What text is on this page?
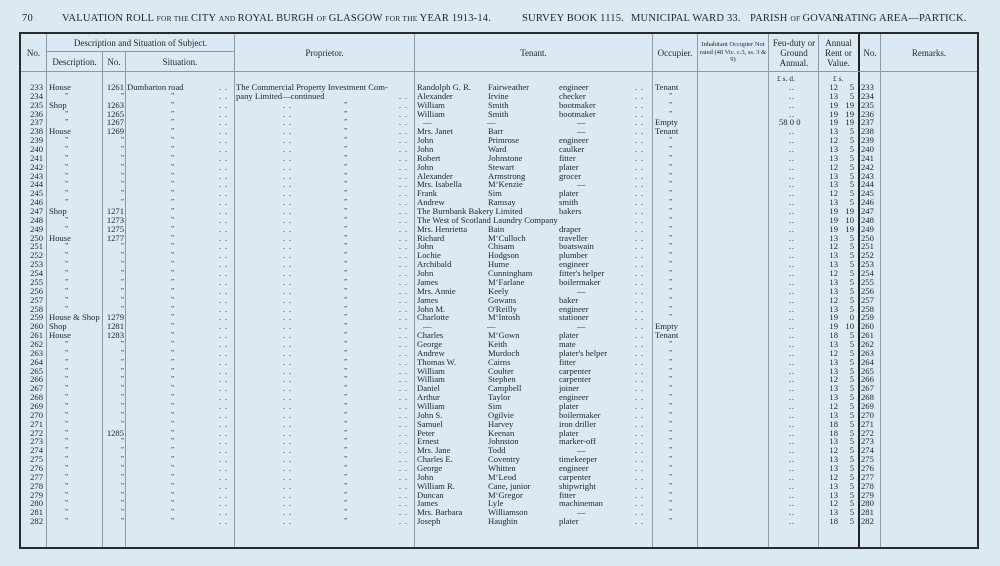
70	VALUATION ROLL FOR THE CITY AND ROYAL BURGH OF GLASGOW FOR THE YEAR 1913-14.	SURVEY BOOK 1115. MUNICIPAL WARD 33. PARISH OF GOVAN.
RATING AREA—PARTICK.
No.
Description and Situation of Subject.
Description.	No.	Situation.
Proprietor.	Tenant.	Occupier.
Inhabitant Occupier Not rated (48 Vic. c.3, ss. 3 & 9)
Feu-duty or Ground Annual.
Annual Rent or Value.
No.	Remarks.
£ s. d.	£ s.
233 House	1261 Dumbarton road	. . The Commercial Property Investment Com-	Randolph G. R.	Fairweather	engineer	. .	Tenant	..	12	5 233
234	”	”	”	. . pany Limited—continued	. .	Alexander	Irvine	checker	. .	”	..	13	5 234
235 Shop	1263	”	. .	. .	”	. .	William	Smith	bootmaker	. .	”	..	19 19 235
236	”	1265	”	. .	. .	”	. .	William	Smith	bootmaker	. .	”	..	19 19 236
237	”	1267	”	. .	. .	”	. .	—	—	—	. .	Empty	58 0 0	19 19 237
238 House	1269	”	. .	. .	”	. .	Mrs. Janet	Barr	—	. .	Tenant	..	13	5 238
239	”	”	”	. .	. .	”	. .	John	Primrose	engineer	. .	”	..	12	5 239
240	”	”	”	. .	. .	”	. .	John	Ward	caulker	. .	”	..	13	5 240
241	”	”	”	. .	. .	”	. .	Robert	Johnstone	fitter	. .	”	..	13	5 241
242	”	”	”	. .	. .	”	. .	John	Stewart	plater	. .	”	..	12	5 242
243	”	”	”	. .	. .	”	. .	Alexander	Armstrong	grocer	. .	”	..	13	5 243
244	”	”	”	. .	. .	”	. .	Mrs. Isabella	M‘Kenzie	—	. .	”	..	13	5 244
245	”	”	”	. .	. .	”	. .	Frank	Sim	plater	. .	”	..	12	5 245
246	”	”	”	. .	. .	”	. .	Andrew	Ramsay	smith	. .	”	..	13	5 246
247 Shop	1271	”	. .	. .	”	. .	The Burnbank Bakery Limited	bakers	. .	”	..	19 19 247
248	”	1273	”	. .	. .	”	. .	The West of Scotland Laundry Company	. .	”	..	19 10 248
249	”	1275	”	. .	. .	”	. .	Mrs. Henrietta	Bain	draper	. .	”	..	19 19 249
250 House	1277	”	. .	. .	”	. .	Richard	M‘Culloch	traveller	. .	”	..	13	5 250
251	”	”	”	. .	. .	”	. .	John	Chisam	boatswain	. .	”	..	12	5 251
252	”	”	”	. .	. .	”	. .	Lochie	Hodgson	plumber	. .	”	..	13	5 252
253	”	”	”	. .	. .	”	. .	Archibald	Hume	engineer	. .	”	..	13	5 253
254	”	”	”	. .	. .	”	. .	John	Cunningham	fitter's helper	. .	”	..	12	5 254
255	”	”	”	. .	. .	”	. .	James	M‘Farlane	boilermaker	. .	”	..	13	5 255
256	”	”	”	. .	. .	”	. .	Mrs. Annie	Keely	—	. .	”	..	13	5 256
257	”	”	”	. .	. .	”	. .	James	Gowans	baker	. .	”	..	12	5 257
258	”	”	”	. .	. .	”	. .	John M.	O'Reilly	engineer	. .	”	..	13	5 258
259 House & Shop 1279	”	. .	. .	”	. .	Charlotte	M‘Intosh	stationer	. .	”	..	19	0 259
260 Shop	1281	”	. .	. .	”	. .	—	—	—	. .	Empty	..	19 10 260
261 House	1283	”	. .	. .	”	. .	Charles	M‘Gown	plater	. .	Tenant	..	18	5 261
262	”	”	”	. .	. .	”	. .	George	Keith	mate	. .	”	..	13	5 262
263	”	”	”	. .	. .	”	. .	Andrew	Murdoch	plater's helper	. .	”	..	12	5 263
264	”	”	”	. .	. .	”	. .	Thomas W.	Cairns	fitter	. .	”	..	13	5 264
265	”	”	”	. .	. .	”	. .	William	Coulter	carpenter	. .	”	..	13	5 265
266	”	”	”	. .	. .	”	. .	William	Stephen	carpenter	. .	”	..	12	5 266
267	”	”	”	. .	. .	”	. .	Daniel	Campbell	joiner	. .	”	..	13	5 267
268	”	”	”	. .	. .	”	. .	Arthur	Taylor	engineer	. .	”	..	13	5 268
269	”	”	”	. .	. .	”	. .	William	Sim	plater	. .	”	..	12	5 269
270	”	”	”	. .	. .	”	. .	John S.	Ogilvie	boilermaker	. .	”	..	13	5 270
271	”	”	”	. .	. .	”	. .	Samuel	Harvey	iron driller	. .	”	..	18	5 271
272	”	1285	”	. .	. .	”	. .	Peter	Keenan	plater	. .	”	..	18	5 272
273	”	”	”	. .	. .	”	. .	Ernest	Johnston	marker-off	. .	”	..	13	5 273
274	”	”	”	. .	. .	”	. .	Mrs. Jane	Todd	—	. .	”	..	12	5 274
275	”	”	”	. .	. .	”	. .	Charles E.	Coventry	timekeeper	. .	”	..	13	5 275
276	”	”	”	. .	. .	”	. .	George	Whitten	engineer	. .	”	..	13	5 276
277	”	”	”	. .	. .	”	. .	John	M‘Leod	carpenter	. .	”	..	12	5 277
278	”	”	”	. .	. .	”	. .	William R.	Cane, junior	shipwright	. .	”	..	13	5 278
279	”	”	”	. .	. .	”	. .	Duncan	M‘Gregor	fitter	. .	”	..	13	5 279
280	”	”	”	. .	. .	”	. .	James	Lyle	machineman	. .	”	..	12	5 280
281	”	”	”	. .	. .	”	. .	Mrs. Barbara	Williamson	—	. .	”	..	13	5 281
282	”	”	”	. .	. .	”	. .	Joseph	Haughin	plater	. .	”	..	18	5 282
